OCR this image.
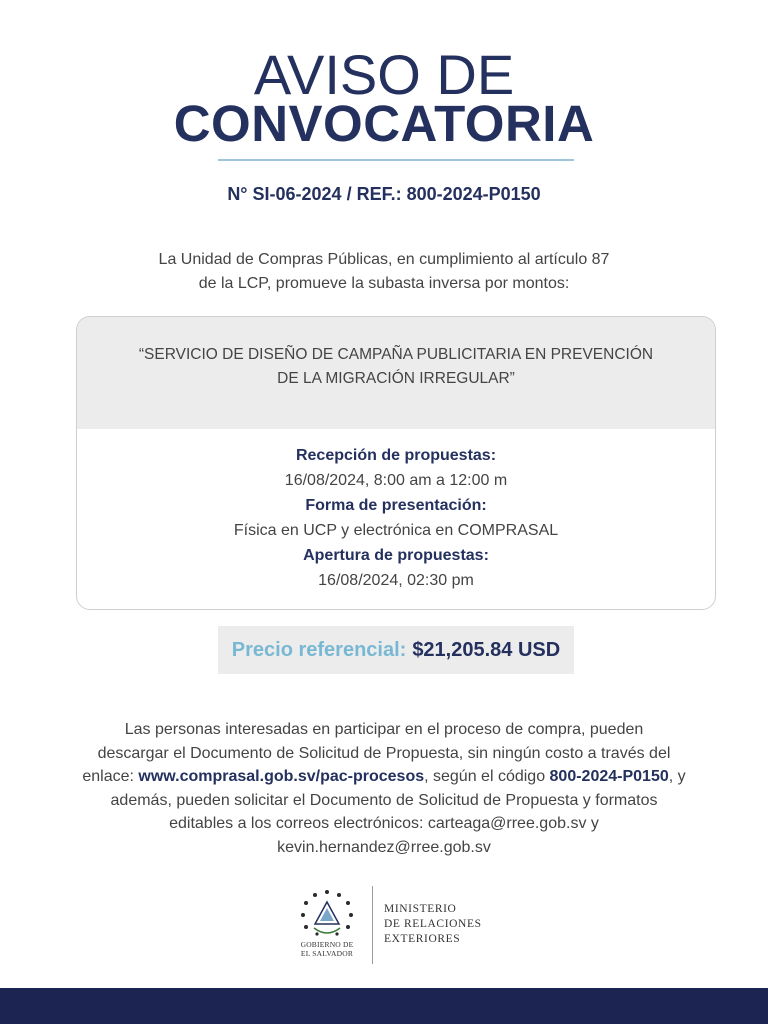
AVISO DE
CONVOCATORIA
N° SI-06-2024 / REF.: 800-2024-P0150
La Unidad de Compras Públicas, en cumplimiento al artículo 87
de la LCP, promueve la subasta inversa por montos:
“SERVICIO DE DISEÑO DE CAMPAÑA PUBLICITARIA EN PREVENCIÓN
DE LA MIGRACIÓN IRREGULAR”
Recepción de propuestas:
16/08/2024, 8:00 am a 12:00 m
Forma de presentación:
Física en UCP y electrónica en COMPRASAL
Apertura de propuestas:
16/08/2024, 02:30 pm
Precio referencial: $21,205.84 USD
Las personas interesadas en participar en el proceso de compra, pueden
descargar el Documento de Solicitud de Propuesta, sin ningún costo a través del
enlace: www.comprasal.gob.sv/pac-procesos, según el código 800-2024-P0150, y
además, pueden solicitar el Documento de Solicitud de Propuesta y formatos
editables a los correos electrónicos: carteaga@rree.gob.sv y
kevin.hernandez@rree.gob.sv
GOBIERNO DE
EL SALVADOR
MINISTERIO
DE RELACIONES
EXTERIORES
